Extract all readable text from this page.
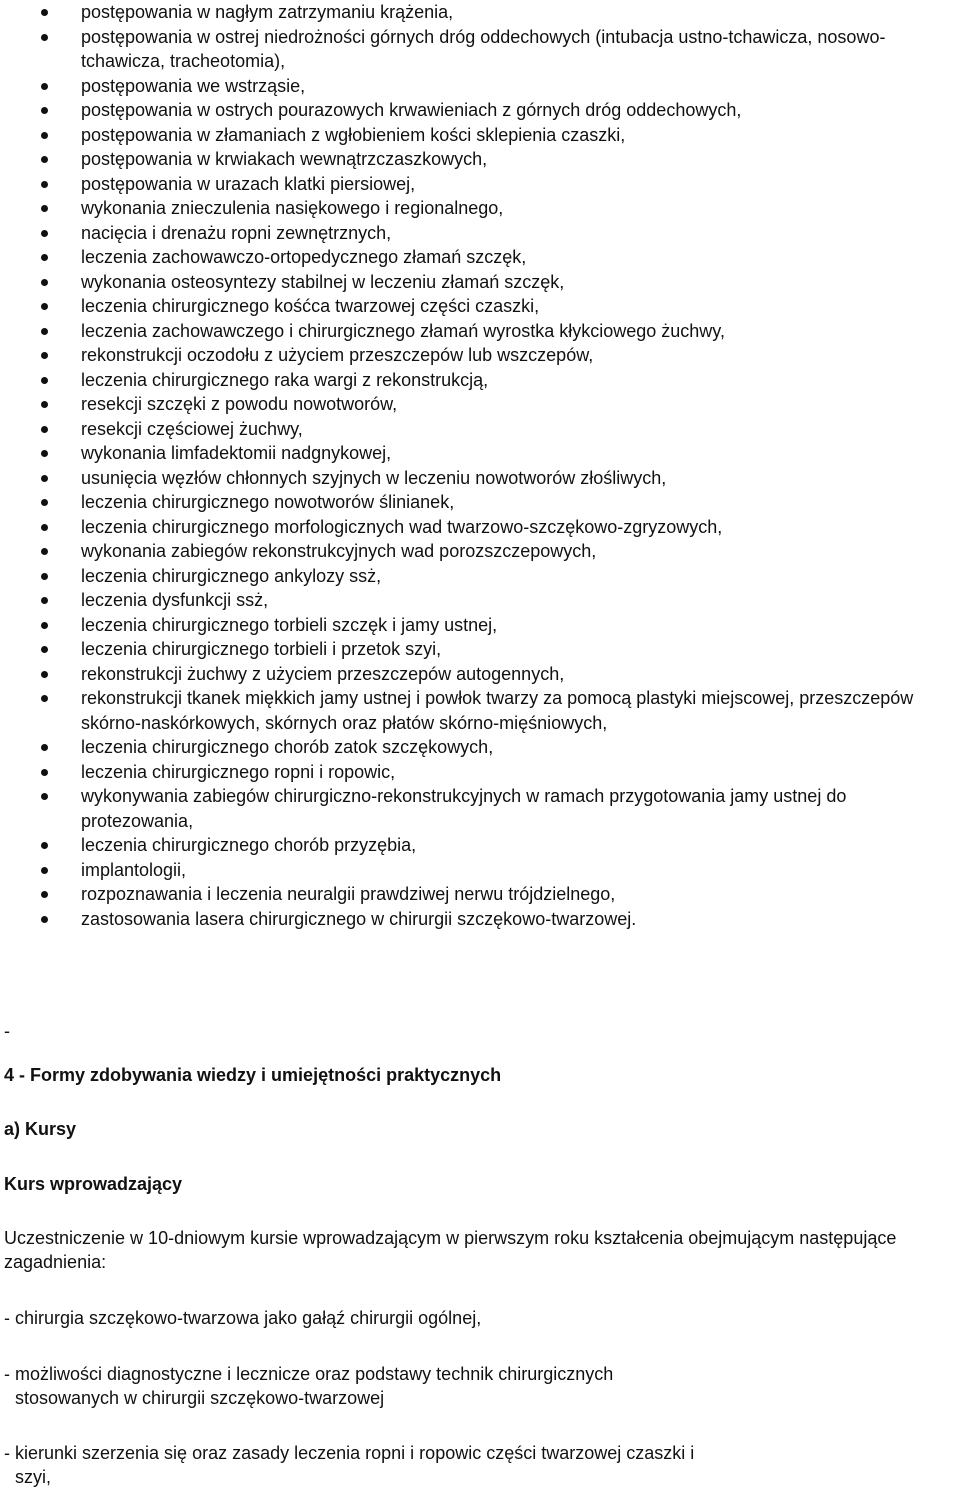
postępowania w nagłym zatrzymaniu krążenia,
postępowania w ostrej niedrożności górnych dróg oddechowych (intubacja ustno-tchawicza, nosowo-tchawicza, tracheotomia),
postępowania we wstrząsie,
postępowania w ostrych pourazowych krwawieniach z górnych dróg oddechowych,
postępowania w złamaniach z wgłobieniem kości sklepienia czaszki,
postępowania w krwiakach wewnątrzczaszkowych,
postępowania w urazach klatki piersiowej,
wykonania znieczulenia nasiękowego i regionalnego,
nacięcia i drenażu ropni zewnętrznych,
leczenia zachowawczo-ortopedycznego złamań szczęk,
wykonania osteosyntezy stabilnej w leczeniu złamań szczęk,
leczenia chirurgicznego kośćca twarzowej części czaszki,
leczenia zachowawczego i chirurgicznego złamań wyrostka kłykciowego żuchwy,
rekonstrukcji oczodołu z użyciem przeszczepów lub wszczepów,
leczenia chirurgicznego raka wargi z rekonstrukcją,
resekcji szczęki z powodu nowotworów,
resekcji częściowej żuchwy,
wykonania limfadektomii nadgnykowej,
usunięcia węzłów chłonnych szyjnych w leczeniu nowotworów złośliwych,
leczenia chirurgicznego nowotworów ślinianek,
leczenia chirurgicznego morfologicznych wad twarzowo-szczękowo-zgryzowych,
wykonania zabiegów rekonstrukcyjnych wad porozszczepowych,
leczenia chirurgicznego ankylozy ssż,
leczenia dysfunkcji ssż,
leczenia chirurgicznego torbieli szczęk i jamy ustnej,
leczenia chirurgicznego torbieli i przetok szyi,
rekonstrukcji żuchwy z użyciem przeszczepów autogennych,
rekonstrukcji tkanek miękkich jamy ustnej i powłok twarzy za pomocą plastyki miejscowej, przeszczepów skórno-naskórkowych, skórnych oraz płatów skórno-mięśniowych,
leczenia chirurgicznego chorób zatok szczękowych,
leczenia chirurgicznego ropni i ropowic,
wykonywania zabiegów chirurgiczno-rekonstrukcyjnych w ramach przygotowania jamy ustnej do protezowania,
leczenia chirurgicznego chorób przyzębia,
implantologii,
rozpoznawania i leczenia neuralgii prawdziwej nerwu trójdzielnego,
zastosowania lasera chirurgicznego w chirurgii szczękowo-twarzowej.
-
4 - Formy zdobywania wiedzy i umiejętności praktycznych
a) Kursy
Kurs wprowadzający
Uczestniczenie w 10-dniowym kursie wprowadzającym w pierwszym roku kształcenia obejmującym następujące zagadnienia:
- chirurgia szczękowo-twarzowa jako gałąź chirurgii ogólnej,
- możliwości diagnostyczne i lecznicze oraz podstawy technik chirurgicznych
stosowanych w chirurgii szczękowo-twarzowej
- kierunki szerzenia się oraz zasady leczenia ropni i ropowic części twarzowej czaszki i
szyi,
